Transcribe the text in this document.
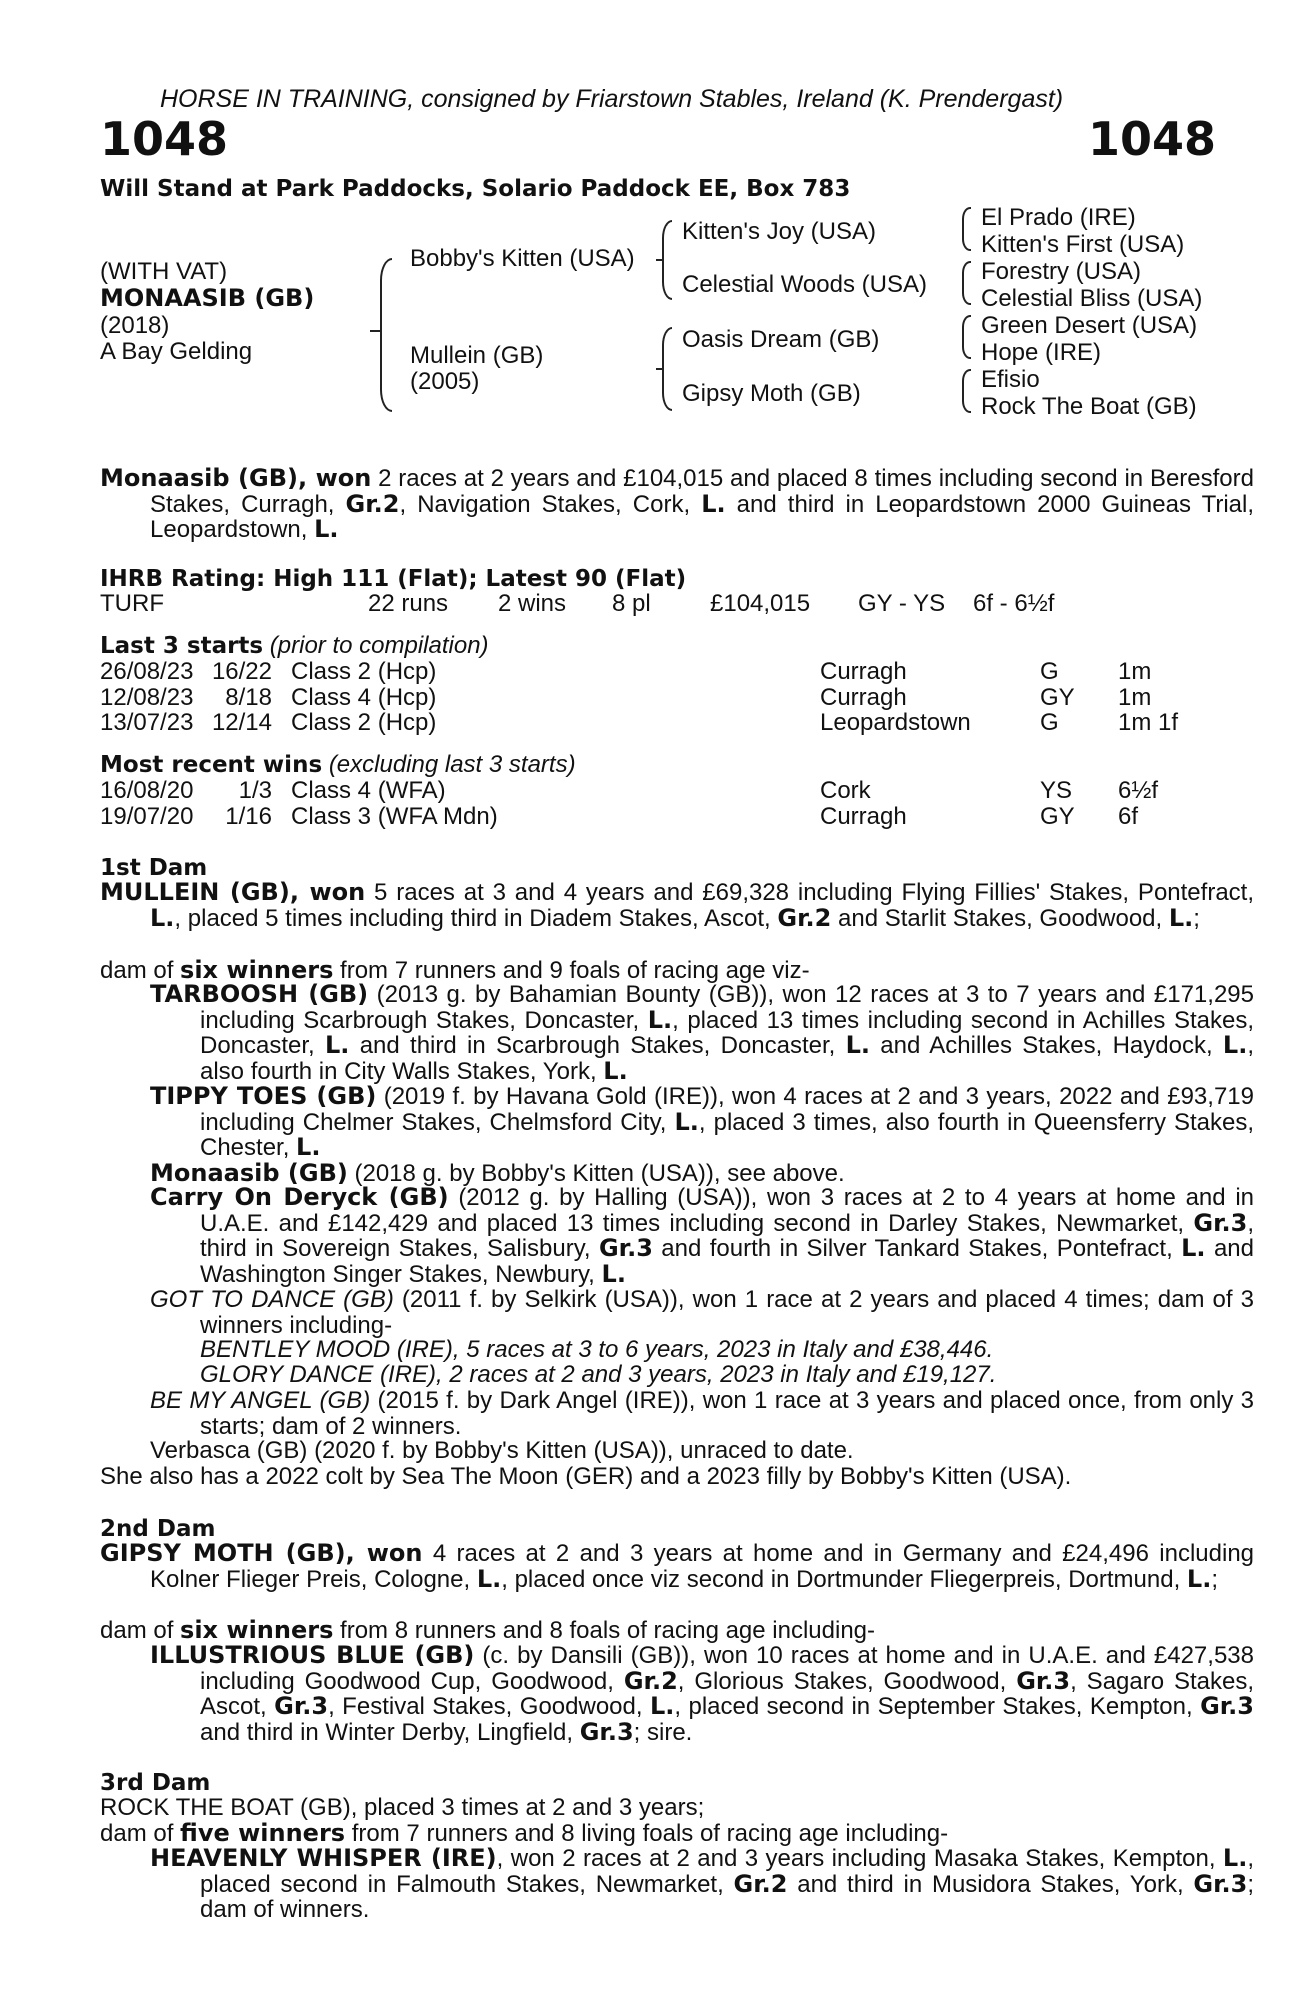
HORSE IN TRAINING, consigned by Friarstown Stables, Ireland (K. Prendergast)
1048	1048
Will Stand at Park Paddocks, Solario Paddock EE, Box 783
(WITH VAT)
MONAASIB (GB)
(2018)
A Bay Gelding
Bobby's Kitten (USA)
Mullein (GB)
(2005)
Kitten's Joy (USA)
Celestial Woods (USA)
Oasis Dream (GB)
Gipsy Moth (GB)
El Prado (IRE)
Kitten's First (USA)
Forestry (USA)
Celestial Bliss (USA)
Green Desert (USA)
Hope (IRE)
Efisio
Rock The Boat (GB)
Monaasib (GB), won 2 races at 2 years and £104,015 and placed 8 times including second in Beresford Stakes, Curragh, Gr.2, Navigation Stakes, Cork, L. and third in Leopardstown 2000 Guineas Trial, Leopardstown, L.
IHRB Rating: High 111 (Flat); Latest 90 (Flat)
TURF	22 runs 2 wins 8 pl £104,015 GY - YS 6f - 6½f
Last 3 starts (prior to compilation)
26/08/23 16/22 Class 2 (Hcp)	Curragh	G 1m
12/08/23	8/18 Class 4 (Hcp)	Curragh	GY 1m
13/07/23 12/14 Class 2 (Hcp)	Leopardstown	G 1m 1f
Most recent wins (excluding last 3 starts)
16/08/20	1/3 Class 4 (WFA)	Cork	YS 6½f
19/07/20	1/16 Class 3 (WFA Mdn)	Curragh	GY 6f
1st Dam
MULLEIN (GB), won 5 races at 3 and 4 years and £69,328 including Flying Fillies' Stakes, Pontefract, L., placed 5 times including third in Diadem Stakes, Ascot, Gr.2 and Starlit Stakes, Goodwood, L.;
dam of six winners from 7 runners and 9 foals of racing age viz-
TARBOOSH (GB) (2013 g. by Bahamian Bounty (GB)), won 12 races at 3 to 7 years and £171,295 including Scarbrough Stakes, Doncaster, L., placed 13 times including second in Achilles Stakes, Doncaster, L. and third in Scarbrough Stakes, Doncaster, L. and Achilles Stakes, Haydock, L., also fourth in City Walls Stakes, York, L.
TIPPY TOES (GB) (2019 f. by Havana Gold (IRE)), won 4 races at 2 and 3 years, 2022 and £93,719 including Chelmer Stakes, Chelmsford City, L., placed 3 times, also fourth in Queensferry Stakes, Chester, L.
Monaasib (GB) (2018 g. by Bobby's Kitten (USA)), see above.
Carry On Deryck (GB) (2012 g. by Halling (USA)), won 3 races at 2 to 4 years at home and in U.A.E. and £142,429 and placed 13 times including second in Darley Stakes, Newmarket, Gr.3, third in Sovereign Stakes, Salisbury, Gr.3 and fourth in Silver Tankard Stakes, Pontefract, L. and Washington Singer Stakes, Newbury, L.
GOT TO DANCE (GB) (2011 f. by Selkirk (USA)), won 1 race at 2 years and placed 4 times; dam of 3 winners including-
BENTLEY MOOD (IRE), 5 races at 3 to 6 years, 2023 in Italy and £38,446.
GLORY DANCE (IRE), 2 races at 2 and 3 years, 2023 in Italy and £19,127.
BE MY ANGEL (GB) (2015 f. by Dark Angel (IRE)), won 1 race at 3 years and placed once, from only 3 starts; dam of 2 winners.
Verbasca (GB) (2020 f. by Bobby's Kitten (USA)), unraced to date.
She also has a 2022 colt by Sea The Moon (GER) and a 2023 filly by Bobby's Kitten (USA).
2nd Dam
GIPSY MOTH (GB), won 4 races at 2 and 3 years at home and in Germany and £24,496 including Kolner Flieger Preis, Cologne, L., placed once viz second in Dortmunder Fliegerpreis, Dortmund, L.;
dam of six winners from 8 runners and 8 foals of racing age including-
ILLUSTRIOUS BLUE (GB) (c. by Dansili (GB)), won 10 races at home and in U.A.E. and £427,538 including Goodwood Cup, Goodwood, Gr.2, Glorious Stakes, Goodwood, Gr.3, Sagaro Stakes, Ascot, Gr.3, Festival Stakes, Goodwood, L., placed second in September Stakes, Kempton, Gr.3 and third in Winter Derby, Lingfield, Gr.3; sire.
3rd Dam
ROCK THE BOAT (GB), placed 3 times at 2 and 3 years;
dam of five winners from 7 runners and 8 living foals of racing age including-
HEAVENLY WHISPER (IRE), won 2 races at 2 and 3 years including Masaka Stakes, Kempton, L., placed second in Falmouth Stakes, Newmarket, Gr.2 and third in Musidora Stakes, York, Gr.3; dam of winners.
